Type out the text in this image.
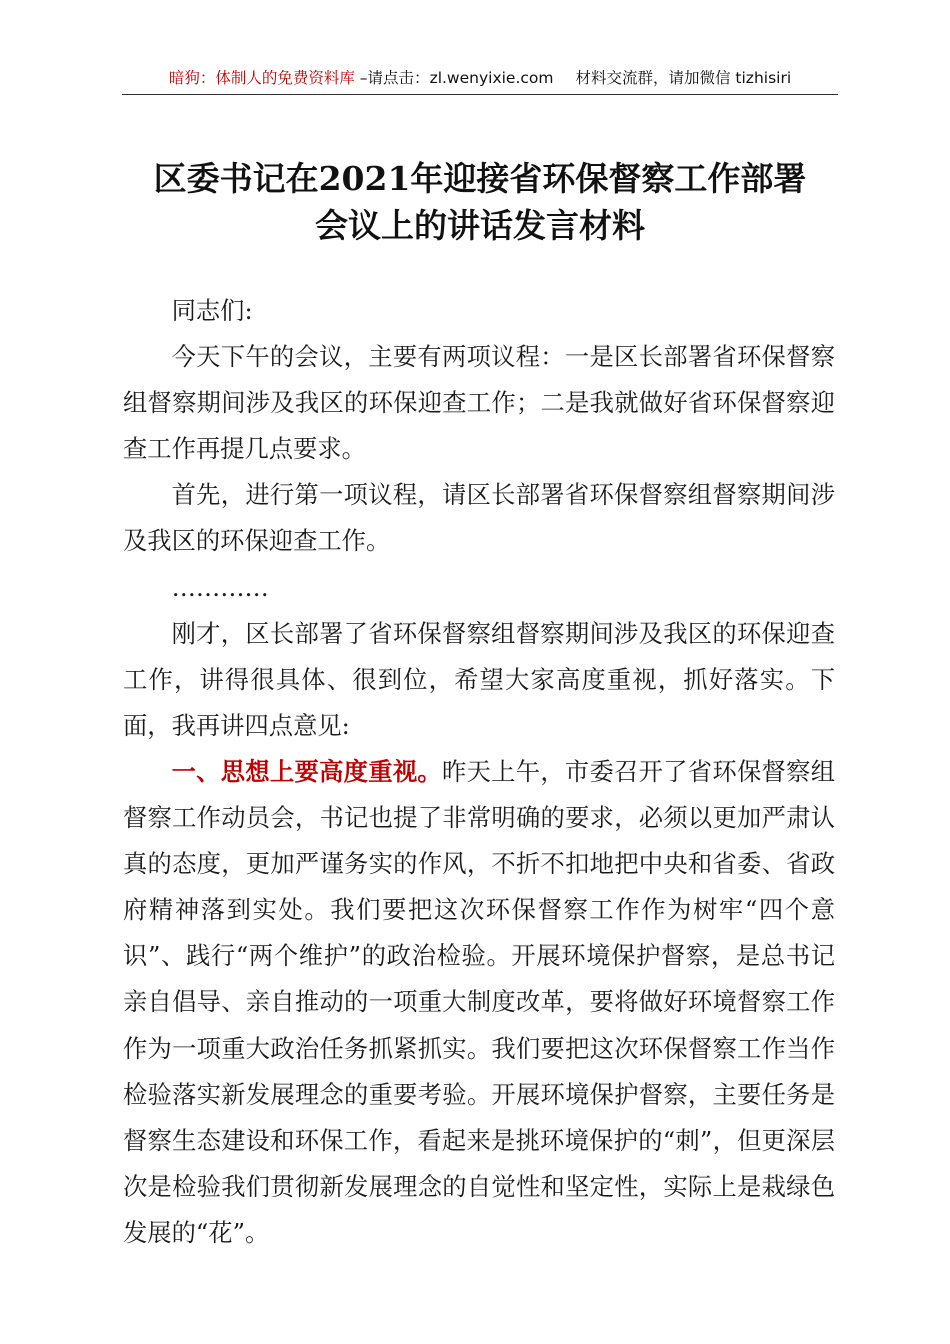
暗狗：体制人的免费资料库 –请点击：zl.wenyixie.com 材料交流群，请加微信 tizhisiri
区委书记在2021年迎接省环保督察工作部署
会议上的讲话发言材料

同志们:

今天下午的会议，主要有两项议程：一是区长部署省环保督察组督察期间涉及我区的环保迎查工作；二是我就做好省环保督察迎查工作再提几点要求。

首先，进行第一项议程，请区长部署省环保督察组督察期间涉及我区的环保迎查工作。

…………

刚才，区长部署了省环保督察组督察期间涉及我区的环保迎查工作，讲得很具体、很到位，希望大家高度重视，抓好落实。下面，我再讲四点意见:

一、思想上要高度重视。昨天上午，市委召开了省环保督察组督察工作动员会，书记也提了非常明确的要求，必须以更加严肃认真的态度，更加严谨务实的作风，不折不扣地把中央和省委、省政府精神落到实处。我们要把这次环保督察工作作为树牢“四个意识”、践行“两个维护”的政治检验。开展环境保护督察，是总书记亲自倡导、亲自推动的一项重大制度改革，要将做好环境督察工作作为一项重大政治任务抓紧抓实。我们要把这次环保督察工作当作检验落实新发展理念的重要考验。开展环境保护督察，主要任务是督察生态建设和环保工作，看起来是挑环境保护的“刺”，但更深层次是检验我们贯彻新发展理念的自觉性和坚定性，实际上是栽绿色发展的“花”。
